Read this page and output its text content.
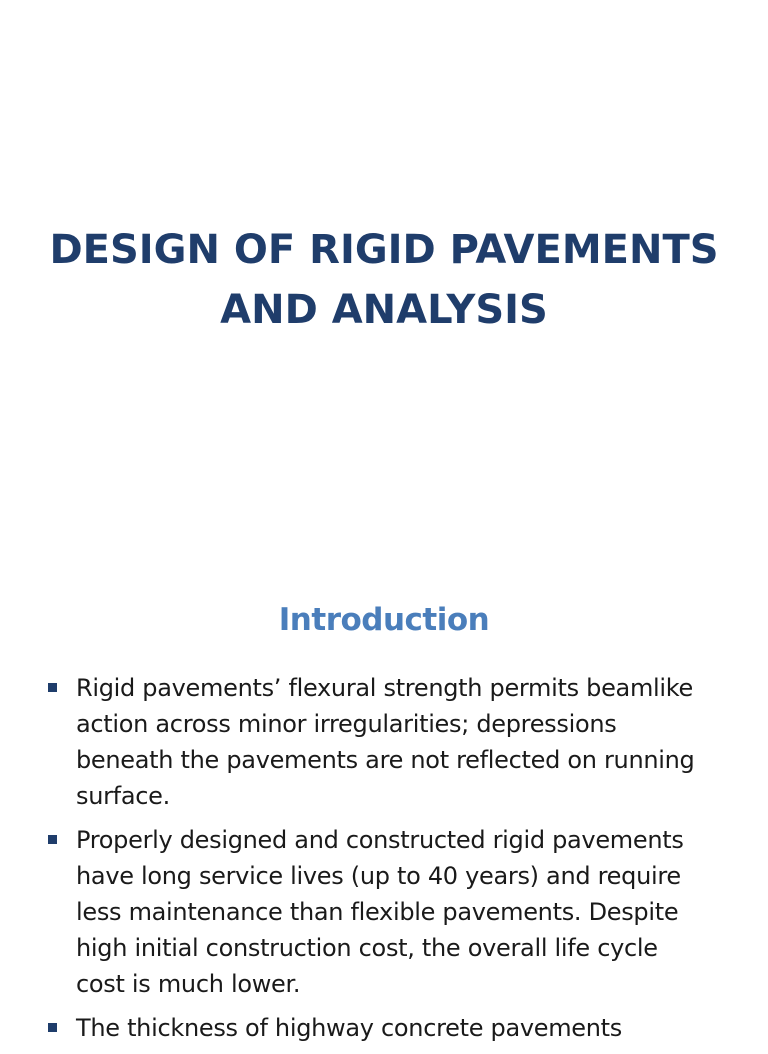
DESIGN OF RIGID PAVEMENTS
AND ANALYSIS
Introduction
Rigid pavements’ flexural strength permits beamlike
action across minor irregularities; depressions
beneath the pavements are not reflected on running
surface.
Properly designed and constructed rigid pavements
have long service lives (up to 40 years) and require
less maintenance than flexible pavements. Despite
high initial construction cost, the overall life cycle
cost is much lower.
The thickness of highway concrete pavements
